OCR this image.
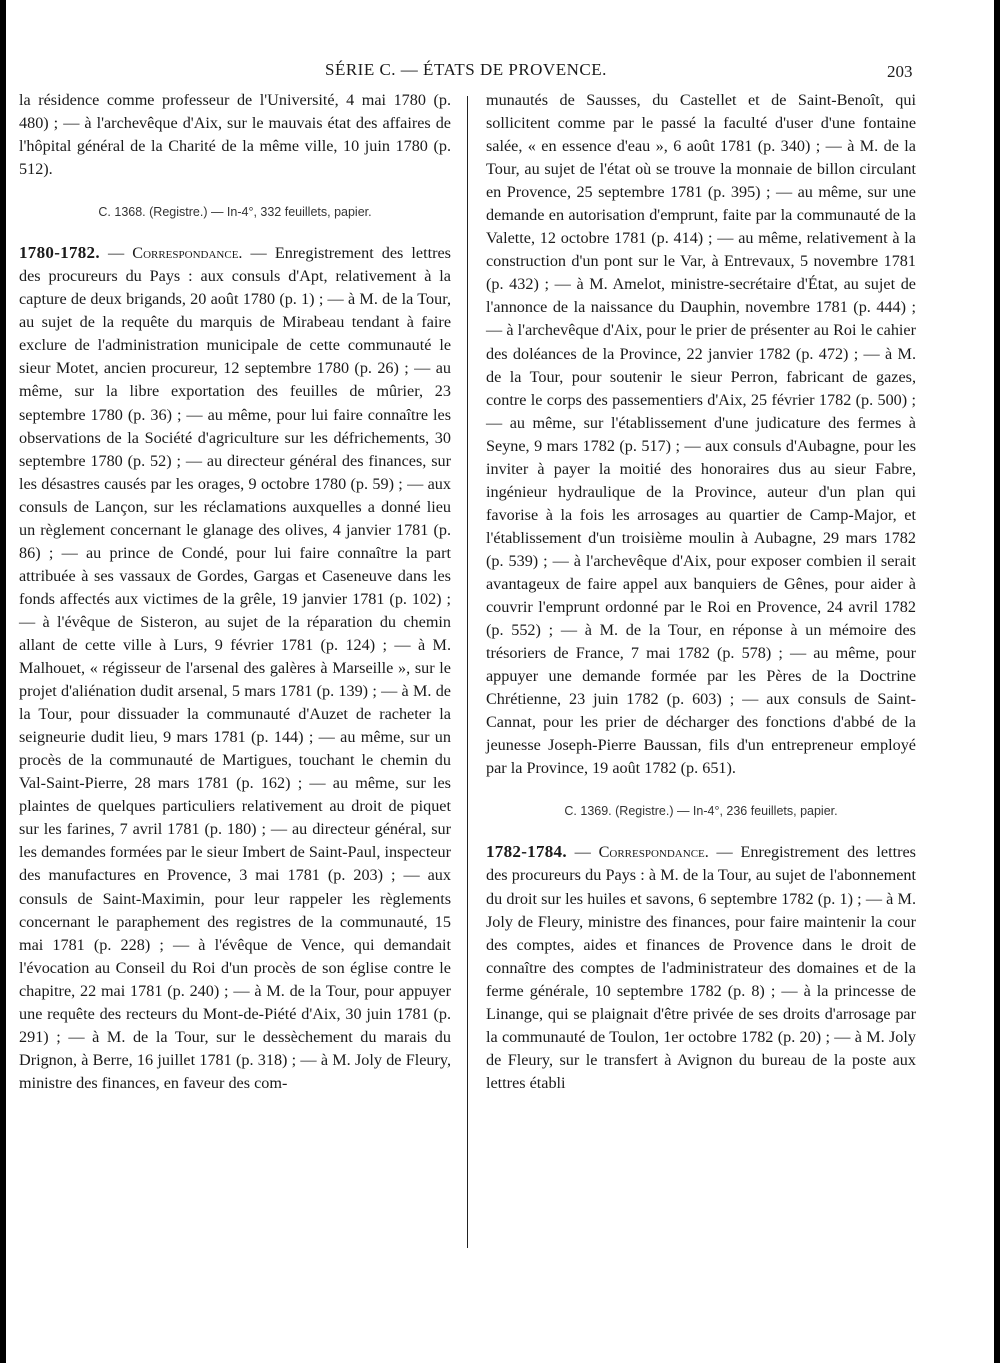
SÉRIE C. — ÉTATS DE PROVENCE.	203

la résidence comme professeur de l'Université, 4 mai 1780 (p. 480) ; — à l'archevêque d'Aix, sur le mauvais état des affaires de l'hôpital général de la Charité de la même ville, 10 juin 1780 (p. 512).

C. 1368. (Registre.) — In-4°, 332 feuillets, papier.

1780-1782. — Correspondance. — Enregistrement des lettres des procureurs du Pays : aux consuls d'Apt, relativement à la capture de deux brigands, 20 août 1780 (p. 1) ; — à M. de la Tour, au sujet de la requête du marquis de Mirabeau tendant à faire exclure de l'administration municipale de cette communauté le sieur Motet, ancien procureur, 12 septembre 1780 (p. 26) ; — au même, sur la libre exportation des feuilles de mûrier, 23 septembre 1780 (p. 36) ; — au même, pour lui faire connaître les observations de la Société d'agriculture sur les défrichements, 30 septembre 1780 (p. 52) ; — au directeur général des finances, sur les désastres causés par les orages, 9 octobre 1780 (p. 59) ; — aux consuls de Lançon, sur les réclamations auxquelles a donné lieu un règlement concernant le glanage des olives, 4 janvier 1781 (p. 86) ; — au prince de Condé, pour lui faire connaître la part attribuée à ses vassaux de Gordes, Gargas et Caseneuve dans les fonds affectés aux victimes de la grêle, 19 janvier 1781 (p. 102) ; — à l'évêque de Sisteron, au sujet de la réparation du chemin allant de cette ville à Lurs, 9 février 1781 (p. 124) ; — à M. Malhouet, « régisseur de l'arsenal des galères à Marseille », sur le projet d'aliénation dudit arsenal, 5 mars 1781 (p. 139) ; — à M. de la Tour, pour dissuader la communauté d'Auzet de racheter la seigneurie dudit lieu, 9 mars 1781 (p. 144) ; — au même, sur un procès de la communauté de Martigues, touchant le chemin du Val-Saint-Pierre, 28 mars 1781 (p. 162) ; — au même, sur les plaintes de quelques particuliers relativement au droit de piquet sur les farines, 7 avril 1781 (p. 180) ; — au directeur général, sur les demandes formées par le sieur Imbert de Saint-Paul, inspecteur des manufactures en Provence, 3 mai 1781 (p. 203) ; — aux consuls de Saint-Maximin, pour leur rappeler les règlements concernant le paraphement des registres de la communauté, 15 mai 1781 (p. 228) ; — à l'évêque de Vence, qui demandait l'évocation au Conseil du Roi d'un procès de son église contre le chapitre, 22 mai 1781 (p. 240) ; — à M. de la Tour, pour appuyer une requête des recteurs du Mont-de-Piété d'Aix, 30 juin 1781 (p. 291) ; — à M. de la Tour, sur le dessèchement du marais du Drignon, à Berre, 16 juillet 1781 (p. 318) ; — à M. Joly de Fleury, ministre des finances, en faveur des com-

munautés de Sausses, du Castellet et de Saint-Benoît, qui sollicitent comme par le passé la faculté d'user d'une fontaine salée, « en essence d'eau », 6 août 1781 (p. 340) ; — à M. de la Tour, au sujet de l'état où se trouve la monnaie de billon circulant en Provence, 25 septembre 1781 (p. 395) ; — au même, sur une demande en autorisation d'emprunt, faite par la communauté de la Valette, 12 octobre 1781 (p. 414) ; — au même, relativement à la construction d'un pont sur le Var, à Entrevaux, 5 novembre 1781 (p. 432) ; — à M. Amelot, ministre-secrétaire d'État, au sujet de l'annonce de la naissance du Dauphin, novembre 1781 (p. 444) ; — à l'archevêque d'Aix, pour le prier de présenter au Roi le cahier des doléances de la Province, 22 janvier 1782 (p. 472) ; — à M. de la Tour, pour soutenir le sieur Perron, fabricant de gazes, contre le corps des passementiers d'Aix, 25 février 1782 (p. 500) ; — au même, sur l'établissement d'une judicature des fermes à Seyne, 9 mars 1782 (p. 517) ; — aux consuls d'Aubagne, pour les inviter à payer la moitié des honoraires dus au sieur Fabre, ingénieur hydraulique de la Province, auteur d'un plan qui favorise à la fois les arrosages au quartier de Camp-Major, et l'établissement d'un troisième moulin à Aubagne, 29 mars 1782 (p. 539) ; — à l'archevêque d'Aix, pour exposer combien il serait avantageux de faire appel aux banquiers de Gênes, pour aider à couvrir l'emprunt ordonné par le Roi en Provence, 24 avril 1782 (p. 552) ; — à M. de la Tour, en réponse à un mémoire des trésoriers de France, 7 mai 1782 (p. 578) ; — au même, pour appuyer une demande formée par les Pères de la Doctrine Chrétienne, 23 juin 1782 (p. 603) ; — aux consuls de Saint-Cannat, pour les prier de décharger des fonctions d'abbé de la jeunesse Joseph-Pierre Baussan, fils d'un entrepreneur employé par la Province, 19 août 1782 (p. 651).

C. 1369. (Registre.) — In-4°, 236 feuillets, papier.

1782-1784. — Correspondance. — Enregistrement des lettres des procureurs du Pays : à M. de la Tour, au sujet de l'abonnement du droit sur les huiles et savons, 6 septembre 1782 (p. 1) ; — à M. Joly de Fleury, ministre des finances, pour faire maintenir la cour des comptes, aides et finances de Provence dans le droit de connaître des comptes de l'administrateur des domaines et de la ferme générale, 10 septembre 1782 (p. 8) ; — à la princesse de Linange, qui se plaignait d'être privée de ses droits d'arrosage par la communauté de Toulon, 1er octobre 1782 (p. 20) ; — à M. Joly de Fleury, sur le transfert à Avignon du bureau de la poste aux lettres établi
